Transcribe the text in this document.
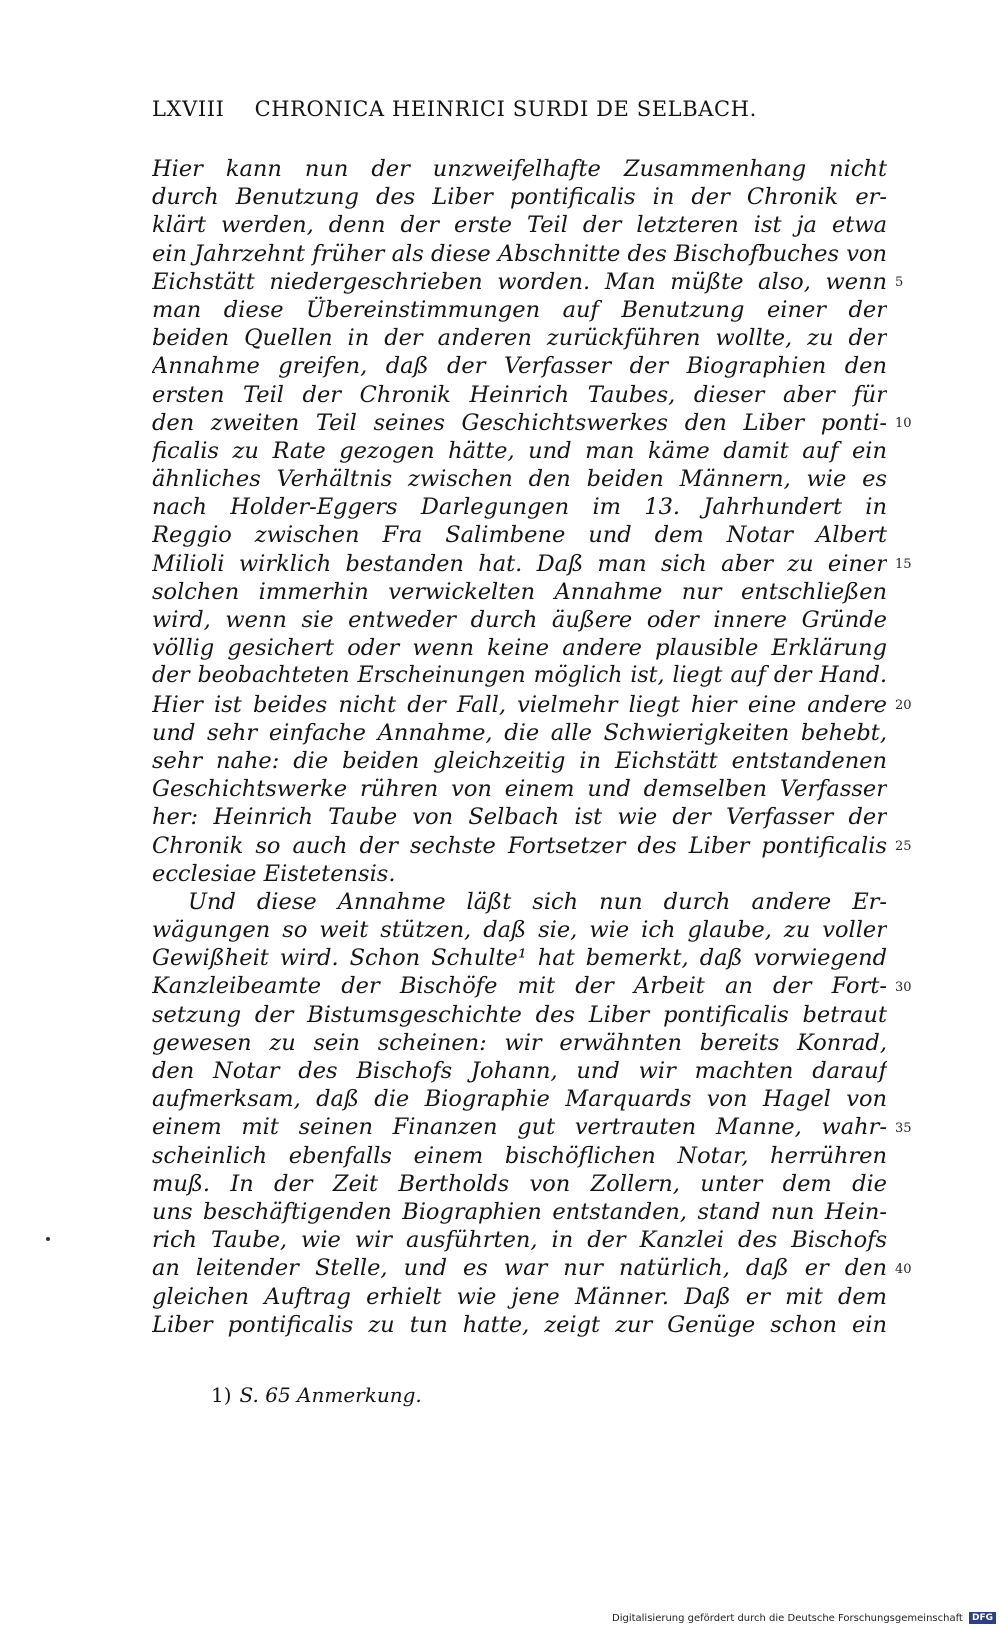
LXVIII CHRONICA HEINRICI SURDI DE SELBACH.
Hier kann nun der unzweifelhafte Zusammenhang nicht
durch Benutzung des Liber pontificalis in der Chronik er-
klärt werden, denn der erste Teil der letzteren ist ja etwa
ein Jahrzehnt früher als diese Abschnitte des Bischofbuches von
Eichstätt niedergeschrieben worden. Man müßte also, wenn
man diese Übereinstimmungen auf Benutzung einer der
beiden Quellen in der anderen zurückführen wollte, zu der
Annahme greifen, daß der Verfasser der Biographien den
ersten Teil der Chronik Heinrich Taubes, dieser aber für
den zweiten Teil seines Geschichtswerkes den Liber ponti-
ficalis zu Rate gezogen hätte, und man käme damit auf ein
ähnliches Verhältnis zwischen den beiden Männern, wie es
nach Holder-Eggers Darlegungen im 13. Jahrhundert in
Reggio zwischen Fra Salimbene und dem Notar Albert
Milioli wirklich bestanden hat. Daß man sich aber zu einer
solchen immerhin verwickelten Annahme nur entschließen
wird, wenn sie entweder durch äußere oder innere Gründe
völlig gesichert oder wenn keine andere plausible Erklärung
der beobachteten Erscheinungen möglich ist, liegt auf der Hand.
Hier ist beides nicht der Fall, vielmehr liegt hier eine andere
und sehr einfache Annahme, die alle Schwierigkeiten behebt,
sehr nahe: die beiden gleichzeitig in Eichstätt entstandenen
Geschichtswerke rühren von einem und demselben Verfasser
her: Heinrich Taube von Selbach ist wie der Verfasser der
Chronik so auch der sechste Fortsetzer des Liber pontificalis
ecclesiae Eistetensis.
Und diese Annahme läßt sich nun durch andere Er-
wägungen so weit stützen, daß sie, wie ich glaube, zu voller
Gewißheit wird. Schon Schulte¹ hat bemerkt, daß vorwiegend
Kanzleibeamte der Bischöfe mit der Arbeit an der Fort-
setzung der Bistumsgeschichte des Liber pontificalis betraut
gewesen zu sein scheinen: wir erwähnten bereits Konrad,
den Notar des Bischofs Johann, und wir machten darauf
aufmerksam, daß die Biographie Marquards von Hagel von
einem mit seinen Finanzen gut vertrauten Manne, wahr-
scheinlich ebenfalls einem bischöflichen Notar, herrühren
muß. In der Zeit Bertholds von Zollern, unter dem die
uns beschäftigenden Biographien entstanden, stand nun Hein-
rich Taube, wie wir ausführten, in der Kanzlei des Bischofs
an leitender Stelle, und es war nur natürlich, daß er den
gleichen Auftrag erhielt wie jene Männer. Daß er mit dem
Liber pontificalis zu tun hatte, zeigt zur Genüge schon ein
5
10
15
20
25
30
35
40
1) S. 65 Anmerkung.
Digitalisierung gefördert durch die Deutsche Forschungsgemeinschaft DFG
